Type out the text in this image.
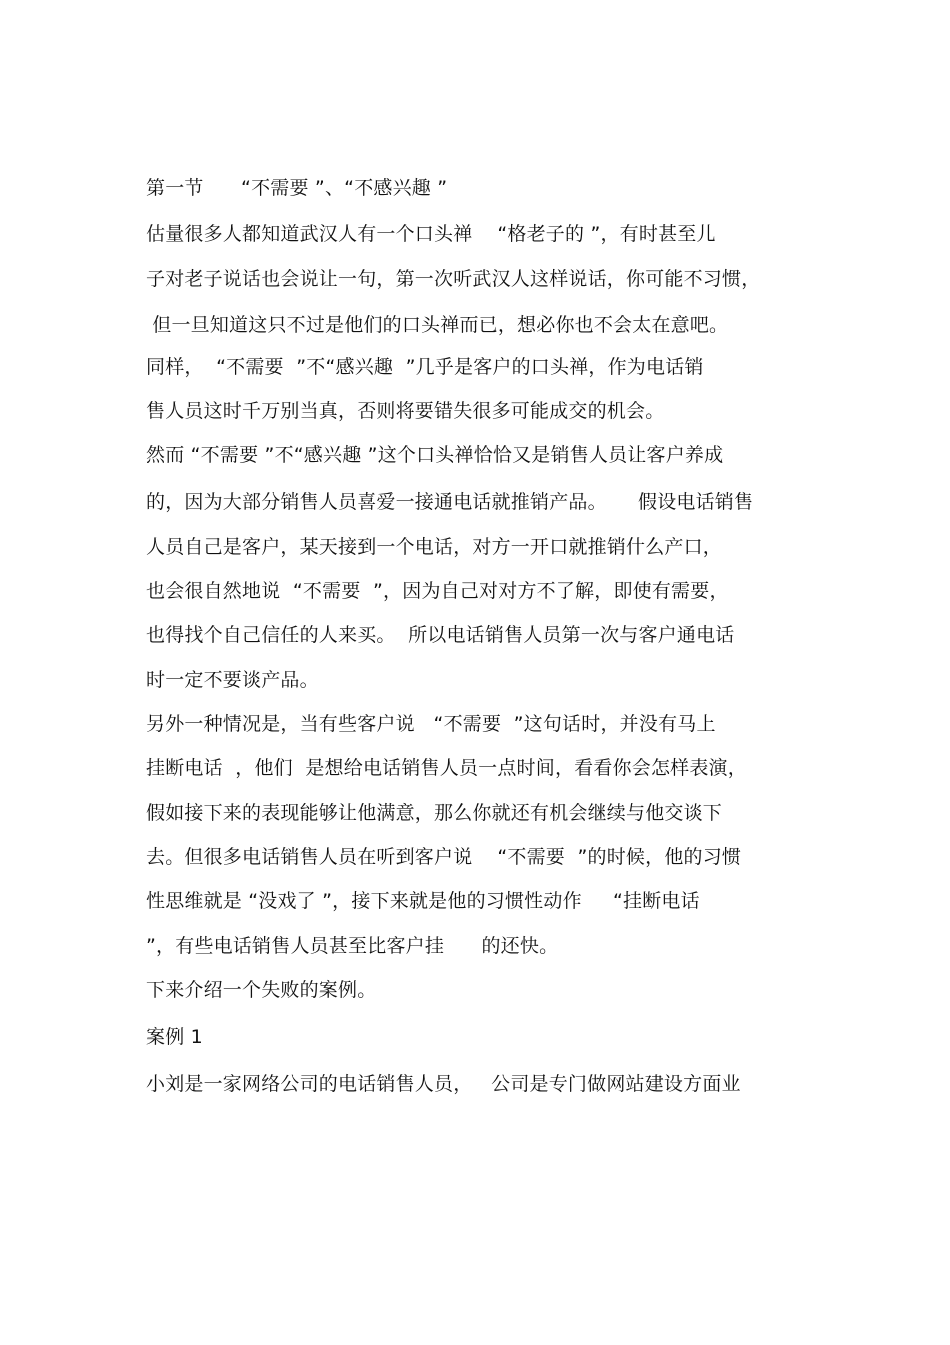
第一节      “不需要 ”、“不感兴趣 ”
估量很多人都知道武汉人有一个口头禅    “格老子的 ”，有时甚至儿
子对老子说话也会说让一句，第一次听武汉人这样说话，你可能不习惯，
但一旦知道这只不过是他们的口头禅而已，想必你也不会太在意吧。
同样，  “不需要  ”不“感兴趣  ”几乎是客户的口头禅，作为电话销
售人员这时千万别当真，否则将要错失很多可能成交的机会。
然而 “不需要 ”不“感兴趣 ”这个口头禅恰恰又是销售人员让客户养成
的，因为大部分销售人员喜爱一接通电话就推销产品。     假设电话销售
人员自己是客户，某天接到一个电话，对方一开口就推销什么产口，
也会很自然地说  “不需要  ”，因为自己对对方不了解，即使有需要，
也得找个自己信任的人来买。  所以电话销售人员第一次与客户通电话
时一定不要谈产品。
另外一种情况是，当有些客户说   “不需要  ”这句话时，并没有马上
挂断电话  ，他们  是想给电话销售人员一点时间，看看你会怎样表演，
假如接下来的表现能够让他满意，那么你就还有机会继续与他交谈下
去。但很多电话销售人员在听到客户说    “不需要  ”的时候，他的习惯
性思维就是 “没戏了 ”，接下来就是他的习惯性动作     “挂断电话
”，有些电话销售人员甚至比客户挂      的还快。
下来介绍一个失败的案例。
案例 1
小刘是一家网络公司的电话销售人员，   公司是专门做网站建设方面业
